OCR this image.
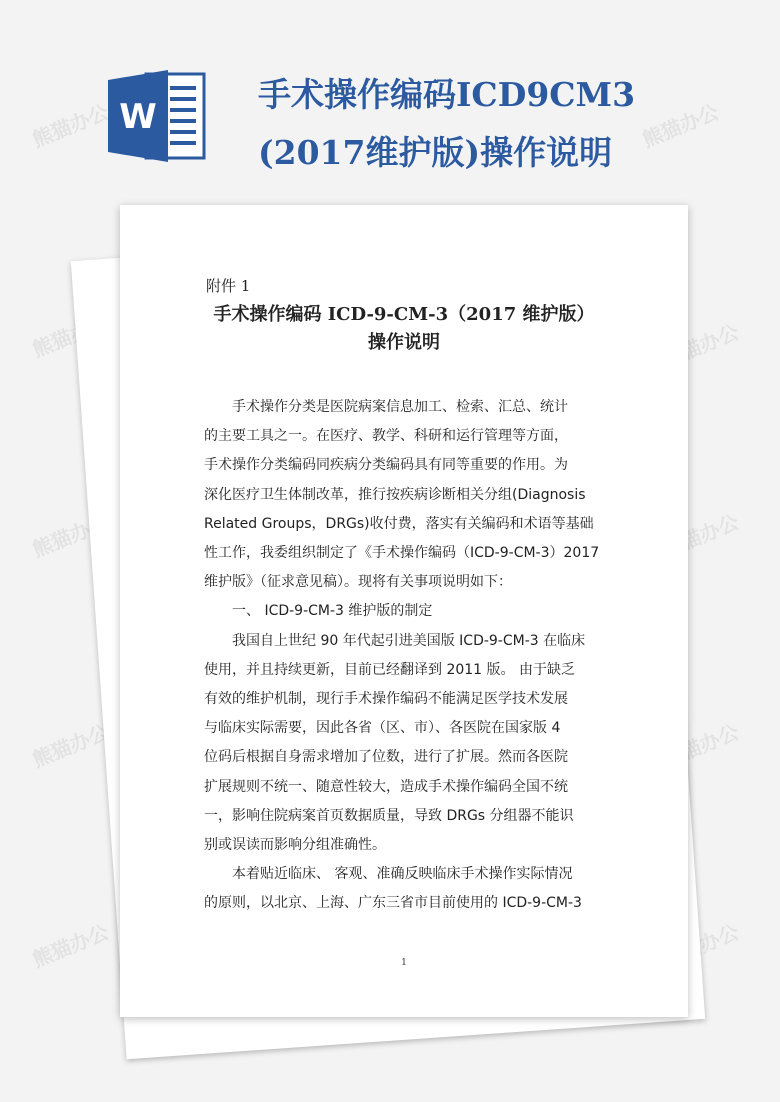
熊猫办公	熊猫办公
熊猫办公	熊猫办公
熊猫办公	熊猫办公
熊猫办公	熊猫办公
熊猫办公	熊猫办公
W
手术操作编码ICD9CM3
(2017维护版)操作说明
附件 1
手术操作编码 ICD-9-CM-3（2017 维护版）
操作说明
手术操作分类是医院病案信息加工、检索、汇总、统计
的主要工具之一。在医疗、教学、科研和运行管理等方面，
手术操作分类编码同疾病分类编码具有同等重要的作用。为
深化医疗卫生体制改革，推行按疾病诊断相关分组(Diagnosis
Related Groups，DRGs)收付费，落实有关编码和术语等基础
性工作，我委组织制定了《手术操作编码（ICD-9-CM-3）2017
维护版》（征求意见稿）。现将有关事项说明如下：
一、 ICD-9-CM-3 维护版的制定
我国自上世纪 90 年代起引进美国版 ICD-9-CM-3 在临床
使用，并且持续更新，目前已经翻译到 2011 版。 由于缺乏
有效的维护机制，现行手术操作编码不能满足医学技术发展
与临床实际需要，因此各省（区、市）、各医院在国家版 4
位码后根据自身需求增加了位数，进行了扩展。然而各医院
扩展规则不统一、随意性较大，造成手术操作编码全国不统
一，影响住院病案首页数据质量，导致 DRGs 分组器不能识
别或误读而影响分组准确性。
本着贴近临床、 客观、准确反映临床手术操作实际情况
的原则，以北京、上海、广东三省市目前使用的 ICD-9-CM-3
1
